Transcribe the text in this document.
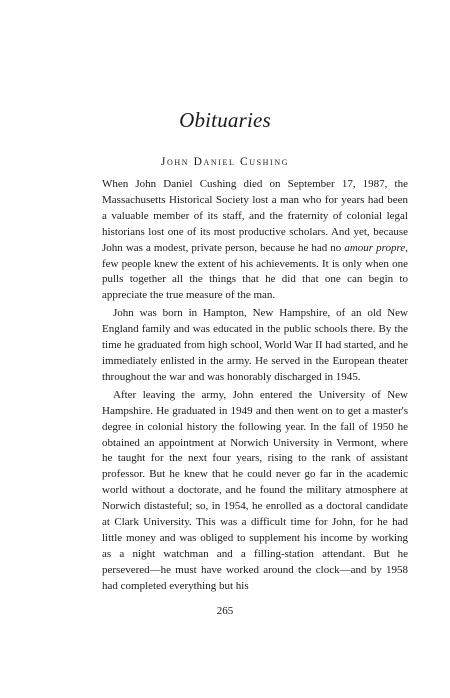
Obituaries
John Daniel Cushing

When John Daniel Cushing died on September 17, 1987, the Massachusetts Historical Society lost a man who for years had been a valuable member of its staff, and the fraternity of colonial legal historians lost one of its most productive scholars. And yet, because John was a modest, private person, because he had no amour propre, few people knew the extent of his achievements. It is only when one pulls together all the things that he did that one can begin to appreciate the true measure of the man.

John was born in Hampton, New Hampshire, of an old New England family and was educated in the public schools there. By the time he graduated from high school, World War II had started, and he immediately enlisted in the army. He served in the European theater throughout the war and was honorably discharged in 1945.

After leaving the army, John entered the University of New Hampshire. He graduated in 1949 and then went on to get a master's degree in colonial history the following year. In the fall of 1950 he obtained an appointment at Norwich University in Vermont, where he taught for the next four years, rising to the rank of assistant professor. But he knew that he could never go far in the academic world without a doctorate, and he found the military atmosphere at Norwich distasteful; so, in 1954, he enrolled as a doctoral candidate at Clark University. This was a difficult time for John, for he had little money and was obliged to supplement his income by working as a night watchman and a filling-station attendant. But he persevered—he must have worked around the clock—and by 1958 had completed everything but his

265
